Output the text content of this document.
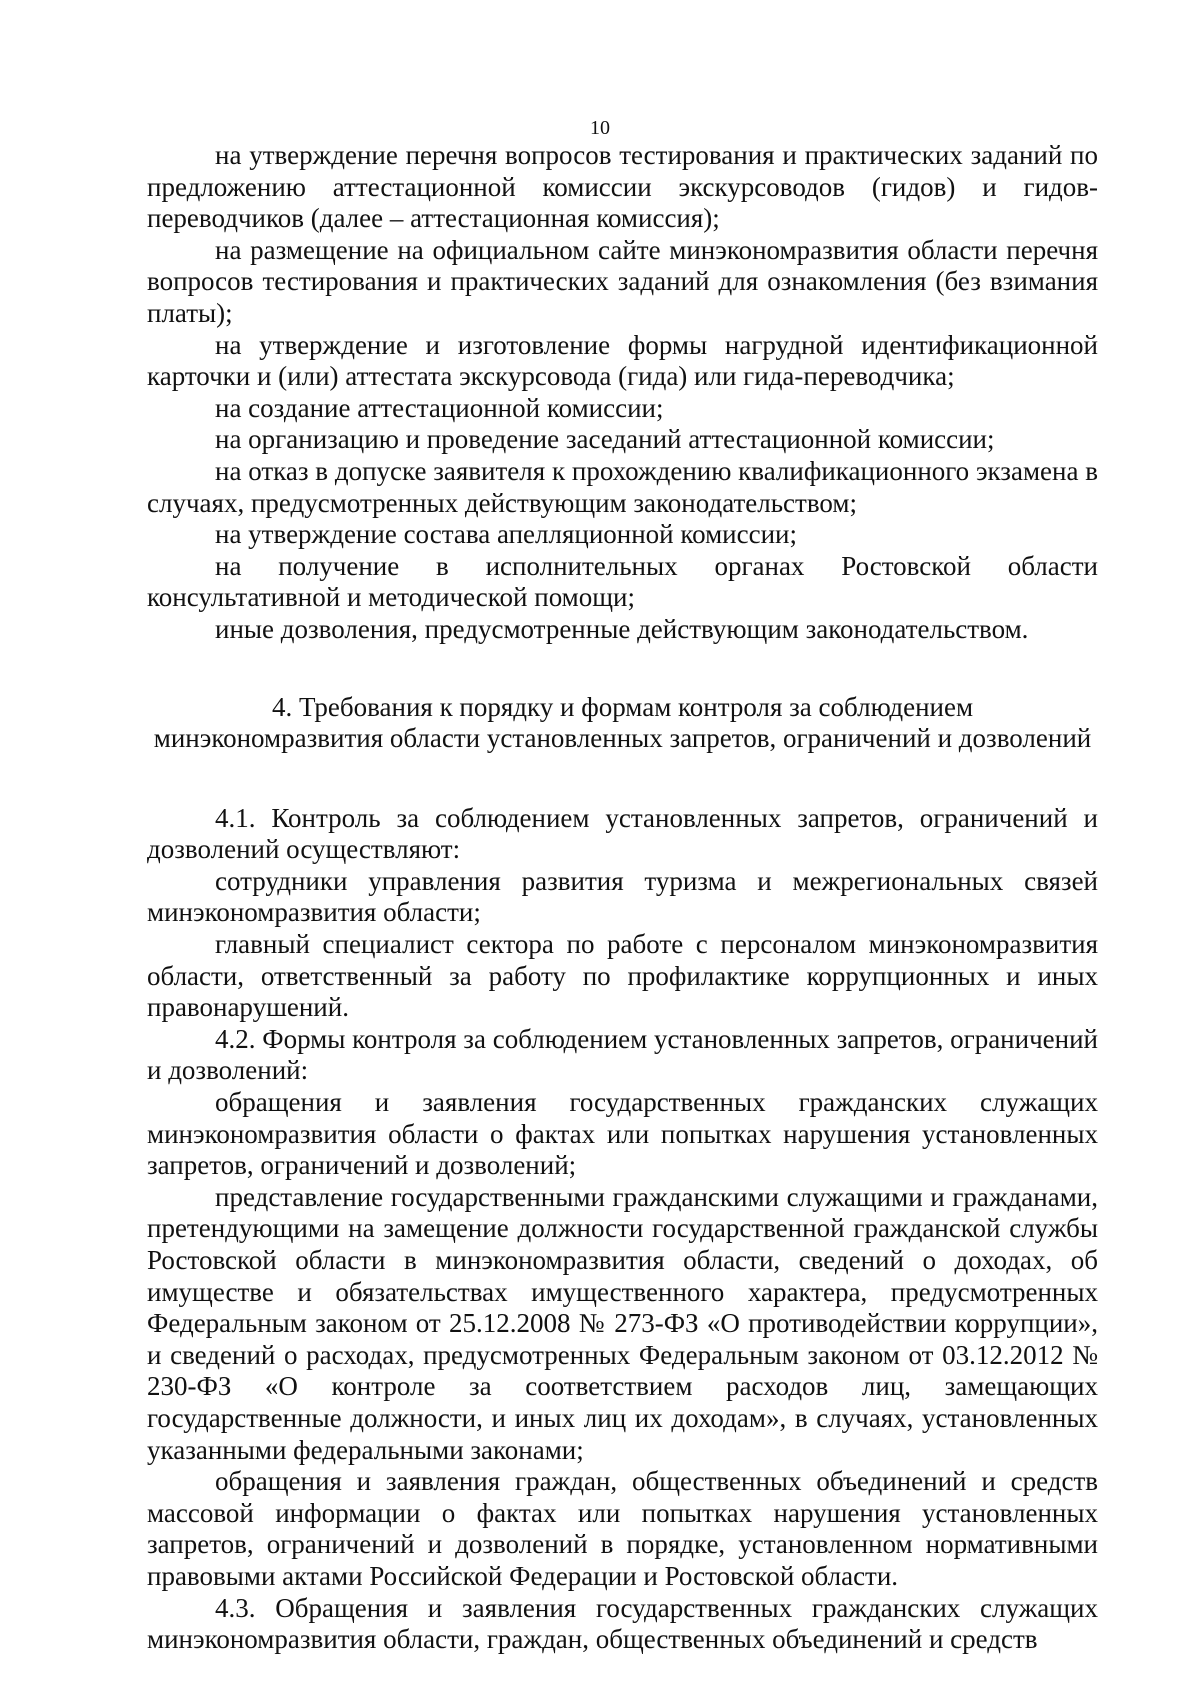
10

на утверждение перечня вопросов тестирования и практических заданий по предложению аттестационной комиссии экскурсоводов (гидов) и гидов-переводчиков (далее – аттестационная комиссия);

на размещение на официальном сайте минэкономразвития области перечня вопросов тестирования и практических заданий для ознакомления (без взимания платы);

на утверждение и изготовление формы нагрудной идентификационной карточки и (или) аттестата экскурсовода (гида) или гида-переводчика;

на создание аттестационной комиссии;

на организацию и проведение заседаний аттестационной комиссии;

на отказ в допуске заявителя к прохождению квалификационного экзамена в случаях, предусмотренных действующим законодательством;

на утверждение состава апелляционной комиссии;

на получение в исполнительных органах Ростовской области консультативной и методической помощи;

иные дозволения, предусмотренные действующим законодательством.

4. Требования к порядку и формам контроля за соблюдением
минэкономразвития области установленных запретов, ограничений и дозволений

4.1. Контроль за соблюдением установленных запретов, ограничений и дозволений осуществляют:

сотрудники управления развития туризма и межрегиональных связей минэкономразвития области;

главный специалист сектора по работе с персоналом минэкономразвития области, ответственный за работу по профилактике коррупционных и иных правонарушений.

4.2. Формы контроля за соблюдением установленных запретов, ограничений и дозволений:

обращения и заявления государственных гражданских служащих минэкономразвития области о фактах или попытках нарушения установленных запретов, ограничений и дозволений;

представление государственными гражданскими служащими и гражданами, претендующими на замещение должности государственной гражданской службы Ростовской области в минэкономразвития области, сведений о доходах, об имуществе и обязательствах имущественного характера, предусмотренных Федеральным законом от 25.12.2008 № 273-ФЗ «О противодействии коррупции», и сведений о расходах, предусмотренных Федеральным законом от 03.12.2012 № 230-ФЗ «О контроле за соответствием расходов лиц, замещающих государственные должности, и иных лиц их доходам», в случаях, установленных указанными федеральными законами;

обращения и заявления граждан, общественных объединений и средств массовой информации о фактах или попытках нарушения установленных запретов, ограничений и дозволений в порядке, установленном нормативными правовыми актами Российской Федерации и Ростовской области.

4.3. Обращения и заявления государственных гражданских служащих минэкономразвития области, граждан, общественных объединений и средств
